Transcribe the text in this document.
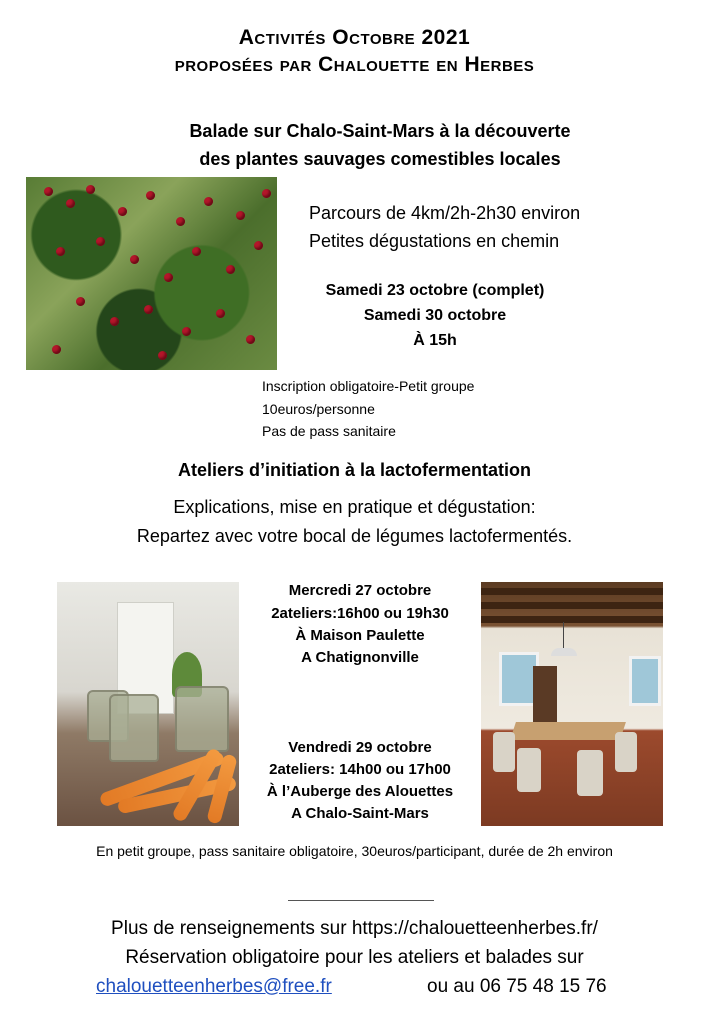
Activités Octobre 2021
proposées par Chalouette en Herbes
Balade sur Chalo-Saint-Mars à la découverte
des plantes sauvages comestibles locales
Parcours de 4km/2h-2h30 environ
Petites dégustations en chemin
Samedi 23 octobre (complet)
Samedi 30 octobre
À 15h
Inscription obligatoire-Petit groupe
10euros/personne
Pas de pass sanitaire
Ateliers d’initiation à la lactofermentation
Explications, mise en pratique et dégustation:
Repartez avec votre bocal de légumes lactofermentés.
Mercredi 27 octobre
2ateliers:16h00 ou 19h30
À Maison Paulette
A Chatignonville
Vendredi 29 octobre
2ateliers: 14h00 ou 17h00
À l’Auberge des Alouettes
A Chalo-Saint-Mars
En petit groupe, pass sanitaire obligatoire, 30euros/participant, durée de 2h environ
Plus de renseignements sur https://chalouetteenherbes.fr/
Réservation obligatoire pour les ateliers et balades sur
chalouetteenherbes@free.fr	ou au 06 75 48 15 76
